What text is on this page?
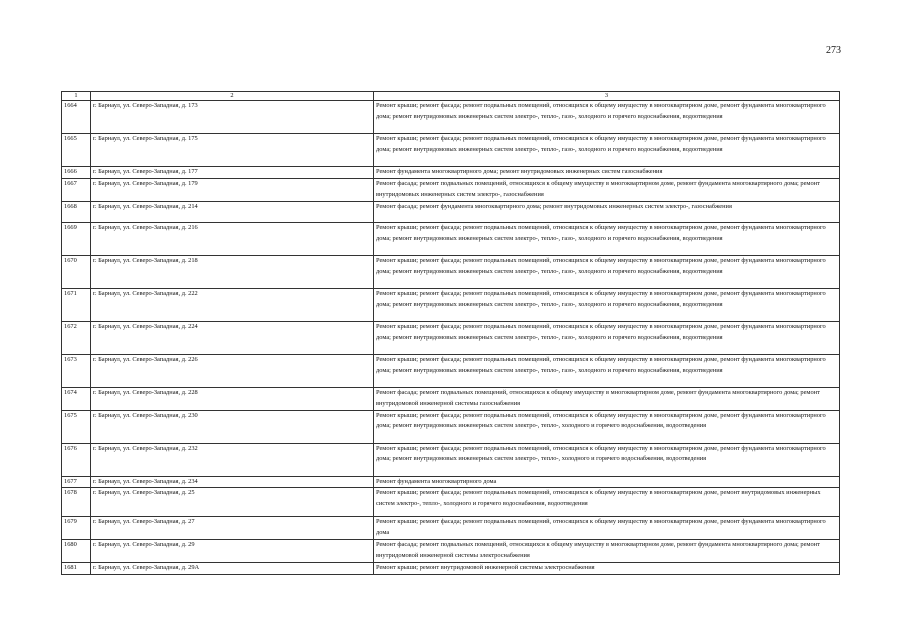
273
1	2	3
1664	г. Барнаул, ул. Северо-Западная, д. 173	Ремонт крыши; ремонт фасада; ремонт подвальных помещений, относящихся к общему имуществу в многоквартирном доме, ремонт фундамента многоквартирного дома; ремонт внутридомовых инженерных систем электро-, тепло-, газо-, холодного и горячего водоснабжения, водоотведения
1665	г. Барнаул, ул. Северо-Западная, д. 175	Ремонт крыши; ремонт фасада; ремонт подвальных помещений, относящихся к общему имуществу в многоквартирном доме, ремонт фундамента многоквартирного дома; ремонт внутридомовых инженерных систем электро-, тепло-, газо-, холодного и горячего водоснабжения, водоотведения
1666	г. Барнаул, ул. Северо-Западная, д. 177	Ремонт фундамента многоквартирного дома; ремонт внутридомовых инженерных систем газоснабжения
1667	г. Барнаул, ул. Северо-Западная, д. 179	Ремонт фасада; ремонт подвальных помещений, относящихся к общему имуществу в многоквартирном доме, ремонт фундамента многоквартирного дома; ремонт внутридомовых инженерных систем электро-, газоснабжения
1668	г. Барнаул, ул. Северо-Западная, д. 214	Ремонт фасада; ремонт фундамента многоквартирного дома; ремонт внутридомовых инженерных систем электро-, газоснабжения
1669	г. Барнаул, ул. Северо-Западная, д. 216	Ремонт крыши; ремонт фасада; ремонт подвальных помещений, относящихся к общему имуществу в многоквартирном доме, ремонт фундамента многоквартирного дома; ремонт внутридомовых инженерных систем электро-, тепло-, газо-, холодного и горячего водоснабжения, водоотведения
1670	г. Барнаул, ул. Северо-Западная, д. 218	Ремонт крыши; ремонт фасада; ремонт подвальных помещений, относящихся к общему имуществу в многоквартирном доме, ремонт фундамента многоквартирного дома; ремонт внутридомовых инженерных систем электро-, тепло-, газо-, холодного и горячего водоснабжения, водоотведения
1671	г. Барнаул, ул. Северо-Западная, д. 222	Ремонт крыши; ремонт фасада; ремонт подвальных помещений, относящихся к общему имуществу в многоквартирном доме, ремонт фундамента многоквартирного дома; ремонт внутридомовых инженерных систем электро-, тепло-, газо-, холодного и горячего водоснабжения, водоотведения
1672	г. Барнаул, ул. Северо-Западная, д. 224	Ремонт крыши; ремонт фасада; ремонт подвальных помещений, относящихся к общему имуществу в многоквартирном доме, ремонт фундамента многоквартирного дома; ремонт внутридомовых инженерных систем электро-, тепло-, газо-, холодного и горячего водоснабжения, водоотведения
1673	г. Барнаул, ул. Северо-Западная, д. 226	Ремонт крыши; ремонт фасада; ремонт подвальных помещений, относящихся к общему имуществу в многоквартирном доме, ремонт фундамента многоквартирного дома; ремонт внутридомовых инженерных систем электро-, тепло-, газо-, холодного и горячего водоснабжения, водоотведения
1674	г. Барнаул, ул. Северо-Западная, д. 228	Ремонт фасада; ремонт подвальных помещений, относящихся к общему имуществу в многоквартирном доме, ремонт фундамента многоквартирного дома; ремонт внутридомовой инженерной системы газоснабжения
1675	г. Барнаул, ул. Северо-Западная, д. 230	Ремонт крыши; ремонт фасада; ремонт подвальных помещений, относящихся к общему имуществу в многоквартирном доме, ремонт фундамента многоквартирного дома; ремонт внутридомовых инженерных систем электро-, тепло-, холодного и горячего водоснабжения, водоотведения
1676	г. Барнаул, ул. Северо-Западная, д. 232	Ремонт крыши; ремонт фасада; ремонт подвальных помещений, относящихся к общему имуществу в многоквартирном доме, ремонт фундамента многоквартирного дома; ремонт внутридомовых инженерных систем электро-, тепло-, холодного и горячего водоснабжения, водоотведения
1677	г. Барнаул, ул. Северо-Западная, д. 234	Ремонт фундамента многоквартирного дома
1678	г. Барнаул, ул. Северо-Западная, д. 25	Ремонт крыши; ремонт фасада; ремонт подвальных помещений, относящихся к общему имуществу в многоквартирном доме, ремонт внутридомовых инженерных систем электро-, тепло-, холодного и горячего водоснабжения, водоотведения
1679	г. Барнаул, ул. Северо-Западная, д. 27	Ремонт крыши; ремонт фасада; ремонт подвальных помещений, относящихся к общему имуществу в многоквартирном доме, ремонт фундамента многоквартирного дома
1680	г. Барнаул, ул. Северо-Западная, д. 29	Ремонт фасада; ремонт подвальных помещений, относящихся к общему имуществу в многоквартирном доме, ремонт фундамента многоквартирного дома; ремонт внутридомовой инженерной системы электроснабжения
1681	г. Барнаул, ул. Северо-Западная, д. 29А	Ремонт крыши; ремонт внутридомовой инженерной системы электроснабжения
